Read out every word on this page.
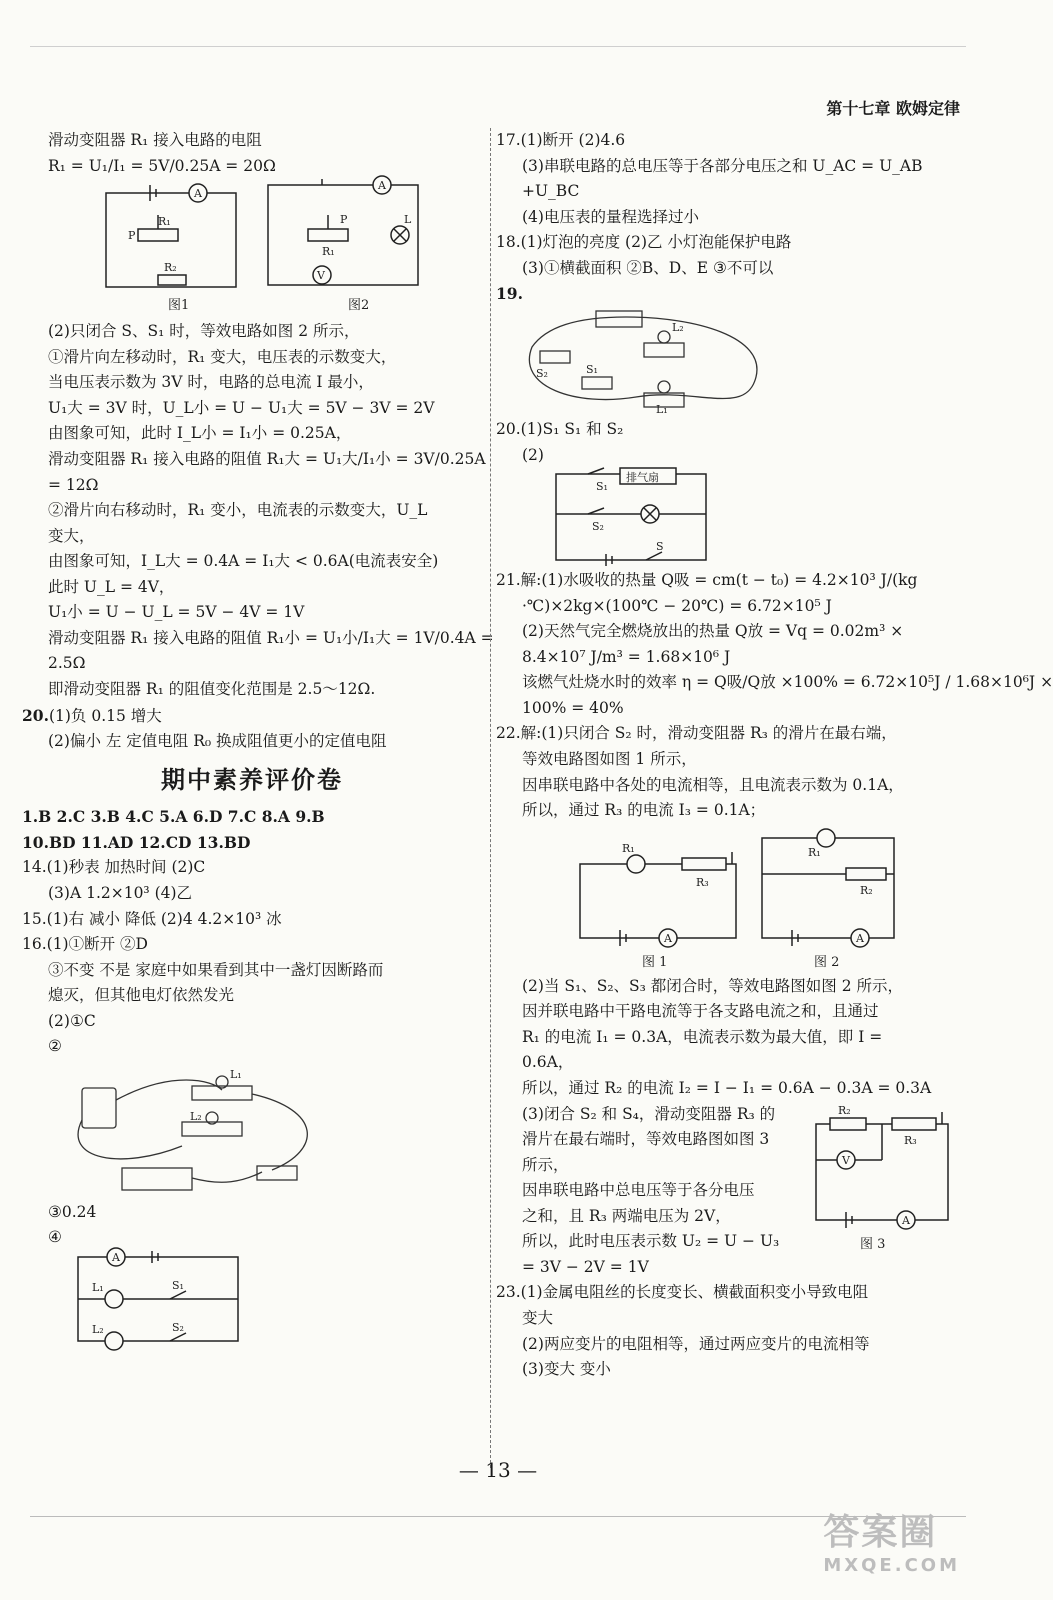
第十七章 欧姆定律
滑动变阻器 R₁ 接入电路的电阻
R₁ = U₁/I₁ = 5V/0.25A = 20Ω
A
R₁
P
R₂
A
P
R₁
L
V
图1	图2
(2)只闭合 S、S₁ 时，等效电路如图 2 所示，
①滑片向左移动时，R₁ 变大，电压表的示数变大，
当电压表示数为 3V 时，电路的总电流 I 最小，
U₁大 = 3V 时，U_L小 = U − U₁大 = 5V − 3V = 2V
由图象可知，此时 I_L小 = I₁小 = 0.25A，
滑动变阻器 R₁ 接入电路的阻值 R₁大 = U₁大/I₁小 = 3V/0.25A
= 12Ω
②滑片向右移动时，R₁ 变小，电流表的示数变大，U_L
变大，
由图象可知，I_L大 = 0.4A = I₁大 < 0.6A(电流表安全)
此时 U_L = 4V，
U₁小 = U − U_L = 5V − 4V = 1V
滑动变阻器 R₁ 接入电路的阻值 R₁小 = U₁小/I₁大 = 1V/0.4A =
2.5Ω
即滑动变阻器 R₁ 的阻值变化范围是 2.5～12Ω.
20.(1)负 0.15 增大
(2)偏小 左 定值电阻 R₀ 换成阻值更小的定值电阻
期中素养评价卷
1.B 2.C 3.B 4.C 5.A 6.D 7.C 8.A 9.B
10.BD 11.AD 12.CD 13.BD
14.(1)秒表 加热时间 (2)C
(3)A 1.2×10³ (4)乙
15.(1)右 减小 降低 (2)4 4.2×10³ 冰
16.(1)①断开 ②D
③不变 不是 家庭中如果看到其中一盏灯因断路而
熄灭，但其他电灯依然发光
(2)①C
②
L₁
L₂
③0.24
④
A
L₁	S₁
L₂	S₂
17.(1)断开 (2)4.6
(3)串联电路的总电压等于各部分电压之和 U_AC = U_AB
+U_BC
(4)电压表的量程选择过小
18.(1)灯泡的亮度 (2)乙 小灯泡能保护电路
(3)①横截面积 ②B、D、E ③不可以
19.
S₂	S₁
L₂
L₁
20.(1)S₁ S₁ 和 S₂
(2)
排气扇
S₁
S₂
S
21.解:(1)水吸收的热量 Q吸 = cm(t − t₀) = 4.2×10³ J/(kg
·℃)×2kg×(100℃ − 20℃) = 6.72×10⁵ J
(2)天然气完全燃烧放出的热量 Q放 = Vq = 0.02m³ ×
8.4×10⁷ J/m³ = 1.68×10⁶ J
该燃气灶烧水时的效率 η = Q吸/Q放 ×100% = 6.72×10⁵J / 1.68×10⁶J ×
100% = 40%
22.解:(1)只闭合 S₂ 时，滑动变阻器 R₃ 的滑片在最右端，
等效电路图如图 1 所示，
因串联电路中各处的电流相等，且电流表示数为 0.1A，
所以，通过 R₃ 的电流 I₃ = 0.1A；
R₁
R₃
A
R₁
R₂
A
图 1	图 2
(2)当 S₁、S₂、S₃ 都闭合时，等效电路图如图 2 所示，
因并联电路中干路电流等于各支路电流之和，且通过
R₁ 的电流 I₁ = 0.3A，电流表示数为最大值，即 I =
0.6A，
所以，通过 R₂ 的电流 I₂ = I − I₁ = 0.6A − 0.3A = 0.3A
(3)闭合 S₂ 和 S₄，滑动变阻器 R₃ 的
滑片在最右端时，等效电路图如图 3
所示，
因串联电路中总电压等于各分电压
之和，且 R₃ 两端电压为 2V，
所以，此时电压表示数 U₂ = U − U₃
= 3V − 2V = 1V
R₂
R₃
V
A
图 3
23.(1)金属电阻丝的长度变长、横截面积变小导致电阻
变大
(2)两应变片的电阻相等，通过两应变片的电流相等
(3)变大 变小
— 13 —
答案圈
MXQE.COM
